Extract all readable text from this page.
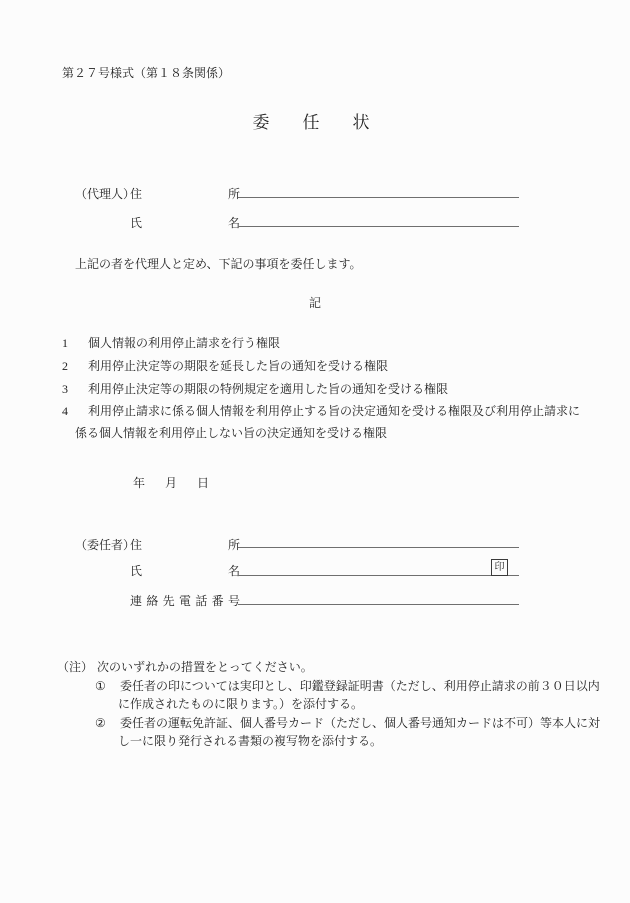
第２７号様式（第１８条関係）
委　任　状
（代理人）
住所
氏名
上記の者を代理人と定め、下記の事項を委任します。
記
1 個人情報の利用停止請求を行う権限
2 利用停止決定等の期限を延長した旨の通知を受ける権限
3 利用停止決定等の期限の特例規定を適用した旨の通知を受ける権限
4 利用停止請求に係る個人情報を利用停止する旨の決定通知を受ける権限及び利用停止請求に
係る個人情報を利用停止しない旨の決定通知を受ける権限
年　月　日
（委任者）
住所
氏名	印
連絡先電話番号
（注） 次のいずれかの措置をとってください。
① 委任者の印については実印とし、印鑑登録証明書（ただし、利用停止請求の前３０日以内
に作成されたものに限ります。）を添付する。
② 委任者の運転免許証、個人番号カード（ただし、個人番号通知カードは不可）等本人に対
し一に限り発行される書類の複写物を添付する。
